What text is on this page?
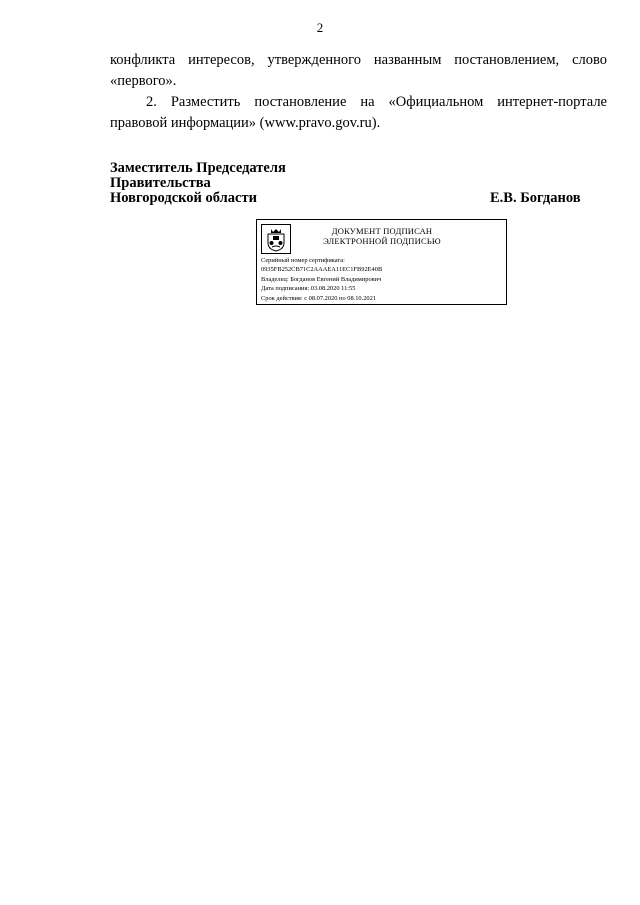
2
конфликта интересов, утвержденного названным постановлением, слово «первого».
2. Разместить постановление на «Официальном интернет-портале правовой информации» (www.pravo.gov.ru).
Заместитель Председателя
Правительства
Новгородской области	Е.В. Богданов
ДОКУМЕНТ ПОДПИСАН
ЭЛЕКТРОННОЙ ПОДПИСЬЮ
Серийный номер сертификата:
0935FB252CB71C2AAAEA11EC1FB92E40B
Владелец: Богданов Евгений Владимирович
Дата подписания: 03.08.2020 11:55
Срок действия: с 08.07.2020 по 08.10.2021
